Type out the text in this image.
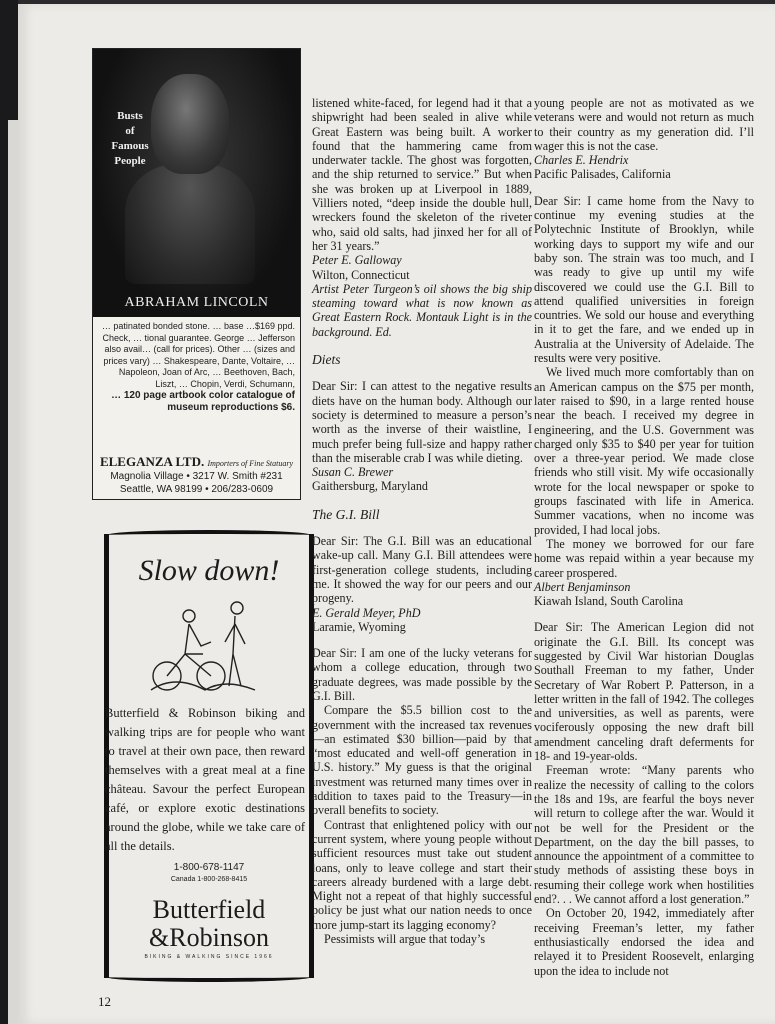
Busts
of
Famous
People
ABRAHAM LINCOLN
… patinated bonded stone. … base …$169 ppd. Check, … tional guarantee. George … Jefferson also avail… (call for prices). Other … (sizes and prices vary) … Shakespeare, Dante, Voltaire, … Napoleon, Joan of Arc, … Beethoven, Bach, Liszt, … Chopin, Verdi, Schumann,
… 120 page artbook color catalogue of museum reproductions $6.
ELEGANZA LTD. Importers of Fine Statuary
Magnolia Village • 3217 W. Smith #231
Seattle, WA 98199 • 206/283-0609
Slow down!
Butterfield & Robinson biking and walking trips are for people who want to travel at their own pace, then reward themselves with a great meal at a fine château. Savour the perfect European café, or explore exotic destinations around the globe, while we take care of all the details.
1-800-678-1147
Canada 1-800-268-8415
Butterfield
&Robinson
BIKING & WALKING SINCE 1966

listened white-faced, for legend had it that a shipwright had been sealed in alive while Great Eastern was being built. A worker found that the hammering came from underwater tackle. The ghost was forgotten, and the ship returned to service.” But when she was broken up at Liverpool in 1889, Villiers noted, “deep inside the double hull, wreckers found the skeleton of the riveter who, said old salts, had jinxed her for all of her 31 years.”

Peter E. Galloway

Wilton, Connecticut

Artist Peter Turgeon’s oil shows the big ship steaming toward what is now known as Great Eastern Rock. Montauk Light is in the background. Ed.

Diets

Dear Sir: I can attest to the negative results diets have on the human body. Although our society is determined to measure a person’s worth as the inverse of their waistline, I much prefer being full-size and happy rather than the miserable crab I was while dieting.

Susan C. Brewer

Gaithersburg, Maryland

The G.I. Bill

Dear Sir: The G.I. Bill was an educational wake-up call. Many G.I. Bill attendees were first-generation college students, including me. It showed the way for our peers and our progeny.

E. Gerald Meyer, PhD

Laramie, Wyoming

Dear Sir: I am one of the lucky veterans for whom a college education, through two graduate degrees, was made possible by the G.I. Bill.

Compare the $5.5 billion cost to the government with the increased tax revenues—an estimated $30 billion—paid by that “most educated and well-off generation in U.S. history.” My guess is that the original investment was returned many times over in addition to taxes paid to the Treasury—in overall benefits to society.

Contrast that enlightened policy with our current system, where young people without sufficient resources must take out student loans, only to leave college and start their careers already burdened with a large debt. Might not a repeat of that highly successful policy be just what our nation needs to once more jump-start its lagging economy?

Pessimists will argue that today’s

young people are not as motivated as we veterans were and would not return as much to their country as my generation did. I’ll wager this is not the case.

Charles E. Hendrix

Pacific Palisades, California

Dear Sir: I came home from the Navy to continue my evening studies at the Polytechnic Institute of Brooklyn, while working days to support my wife and our baby son. The strain was too much, and I was ready to give up until my wife discovered we could use the G.I. Bill to attend qualified universities in foreign countries. We sold our house and everything in it to get the fare, and we ended up in Australia at the University of Adelaide. The results were very positive.

We lived much more comfortably than on an American campus on the $75 per month, later raised to $90, in a large rented house near the beach. I received my degree in engineering, and the U.S. Government was charged only $35 to $40 per year for tuition over a three-year period. We made close friends who still visit. My wife occasionally wrote for the local newspaper or spoke to groups fascinated with life in America. Summer vacations, when no income was provided, I had local jobs.

The money we borrowed for our fare home was repaid within a year because my career prospered.

Albert Benjaminson

Kiawah Island, South Carolina

Dear Sir: The American Legion did not originate the G.I. Bill. Its concept was suggested by Civil War historian Douglas Southall Freeman to my father, Under Secretary of War Robert P. Patterson, in a letter written in the fall of 1942. The colleges and universities, as well as parents, were vociferously opposing the new draft bill amendment canceling draft deferments for 18- and 19-year-olds.

Freeman wrote: “Many parents who realize the necessity of calling to the colors the 18s and 19s, are fearful the boys never will return to college after the war. Would it not be well for the President or the Department, on the day the bill passes, to announce the appointment of a committee to study methods of assisting these boys in resuming their college work when hostilities end?. . . We cannot afford a lost generation.”

On October 20, 1942, immediately after receiving Freeman’s letter, my father enthusiastically endorsed the idea and relayed it to President Roosevelt, enlarging upon the idea to include not

12
